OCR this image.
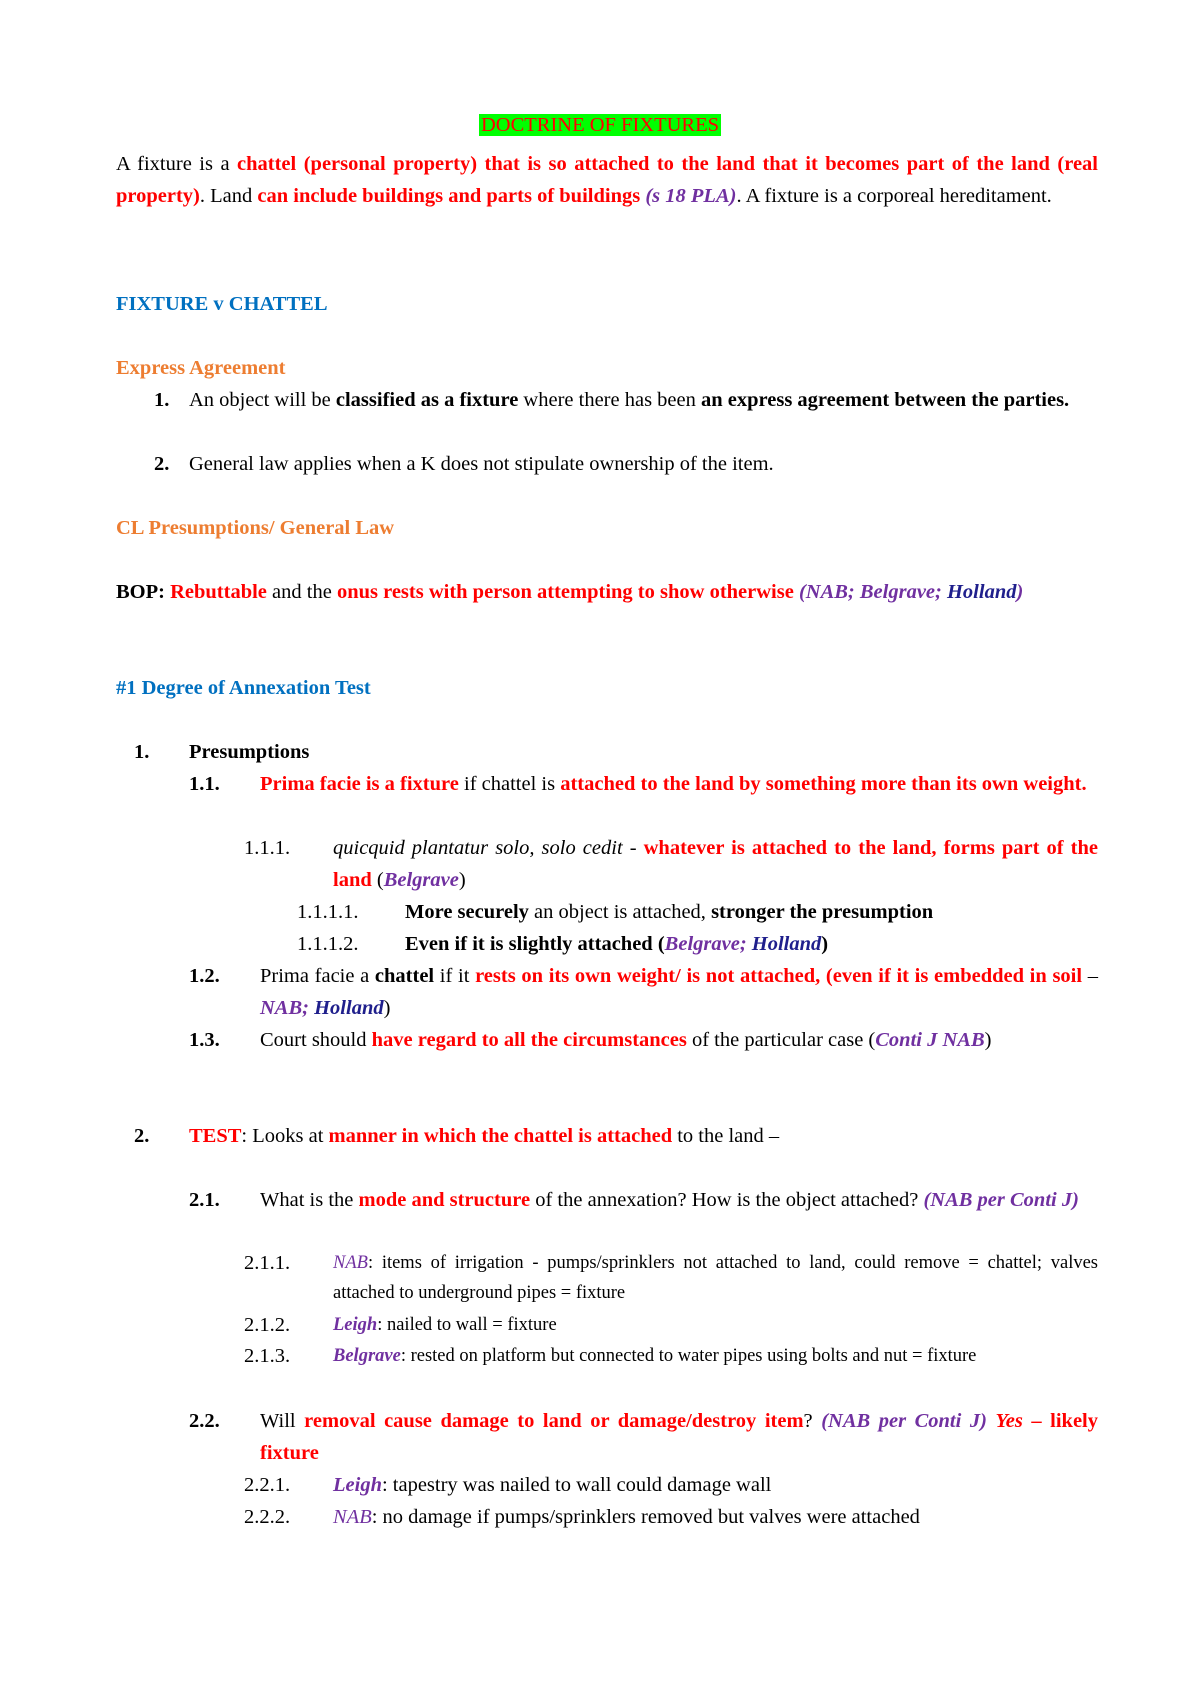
DOCTRINE OF FIXTURES
A fixture is a chattel (personal property) that is so attached to the land that it becomes part of the land (real property). Land can include buildings and parts of buildings (s 18 PLA). A fixture is a corporeal hereditament.
FIXTURE v CHATTEL
Express Agreement
1. An object will be classified as a fixture where there has been an express agreement between the parties.
2. General law applies when a K does not stipulate ownership of the item.
CL Presumptions/ General Law
BOP: Rebuttable and the onus rests with person attempting to show otherwise (NAB; Belgrave; Holland)
#1 Degree of Annexation Test
1. Presumptions
1.1. Prima facie is a fixture if chattel is attached to the land by something more than its own weight.
1.1.1. quicquid plantatur solo, solo cedit - whatever is attached to the land, forms part of the land (Belgrave)
1.1.1.1. More securely an object is attached, stronger the presumption
1.1.1.2. Even if it is slightly attached (Belgrave; Holland)
1.2. Prima facie a chattel if it rests on its own weight/ is not attached, (even if it is embedded in soil – NAB; Holland)
1.3. Court should have regard to all the circumstances of the particular case (Conti J NAB)
2. TEST: Looks at manner in which the chattel is attached to the land –
2.1. What is the mode and structure of the annexation? How is the object attached? (NAB per Conti J)
2.1.1. NAB: items of irrigation - pumps/sprinklers not attached to land, could remove = chattel; valves attached to underground pipes = fixture
2.1.2. Leigh: nailed to wall = fixture
2.1.3. Belgrave: rested on platform but connected to water pipes using bolts and nut = fixture
2.2. Will removal cause damage to land or damage/destroy item? (NAB per Conti J) Yes – likely fixture
2.2.1. Leigh: tapestry was nailed to wall could damage wall
2.2.2. NAB: no damage if pumps/sprinklers removed but valves were attached
